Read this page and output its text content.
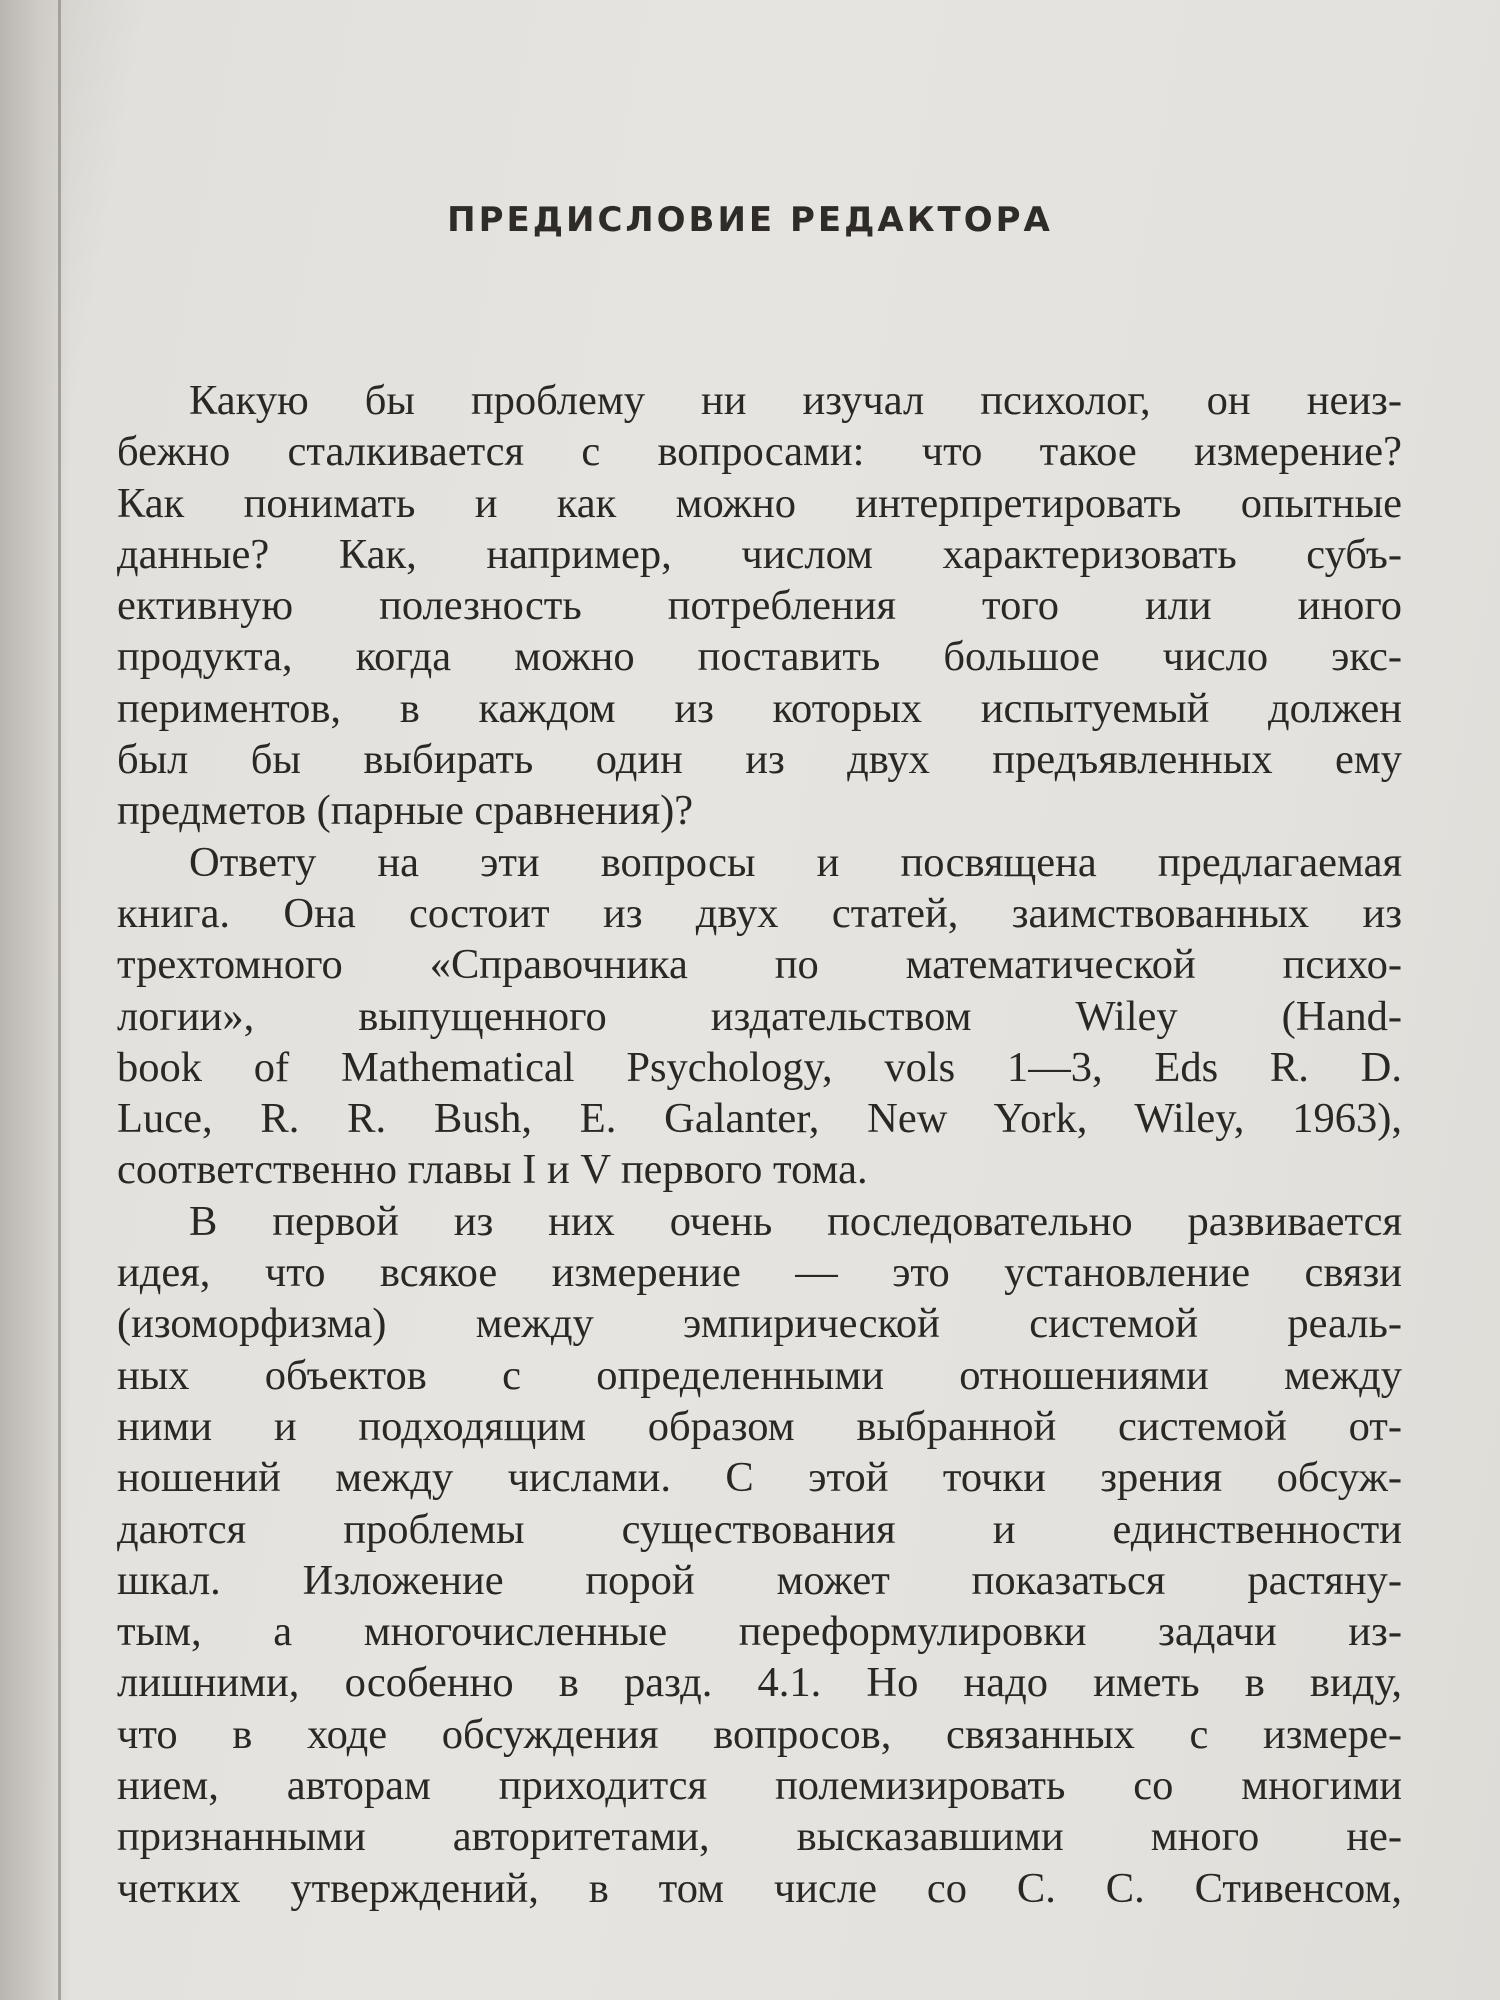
ПРЕДИСЛОВИЕ РЕДАКТОРА
Какую бы проблему ни изучал психолог, он неиз-
бежно сталкивается с вопросами: что такое измерение?
Как понимать и как можно интерпретировать опытные
данные? Как, например, числом характеризовать субъ-
ективную полезность потребления того или иного
продукта, когда можно поставить большое число экс-
периментов, в каждом из которых испытуемый должен
был бы выбирать один из двух предъявленных ему
предметов (парные сравнения)?
Ответу на эти вопросы и посвящена предлагаемая
книга. Она состоит из двух статей, заимствованных из
трехтомного «Справочника по математической психо-
логии», выпущенного издательством Wiley (Hand-
book of Mathematical Psychology, vols 1—3, Eds R. D.
Luce, R. R. Bush, E. Galanter, New York, Wiley, 1963),
соответственно главы I и V первого тома.
В первой из них очень последовательно развивается
идея, что всякое измерение — это установление связи
(изоморфизма) между эмпирической системой реаль-
ных объектов с определенными отношениями между
ними и подходящим образом выбранной системой от-
ношений между числами. С этой точки зрения обсуж-
даются проблемы существования и единственности
шкал. Изложение порой может показаться растяну-
тым, а многочисленные переформулировки задачи из-
лишними, особенно в разд. 4.1. Но надо иметь в виду,
что в ходе обсуждения вопросов, связанных с измере-
нием, авторам приходится полемизировать со многими
признанными авторитетами, высказавшими много не-
четких утверждений, в том числе со С. С. Стивенсом,
